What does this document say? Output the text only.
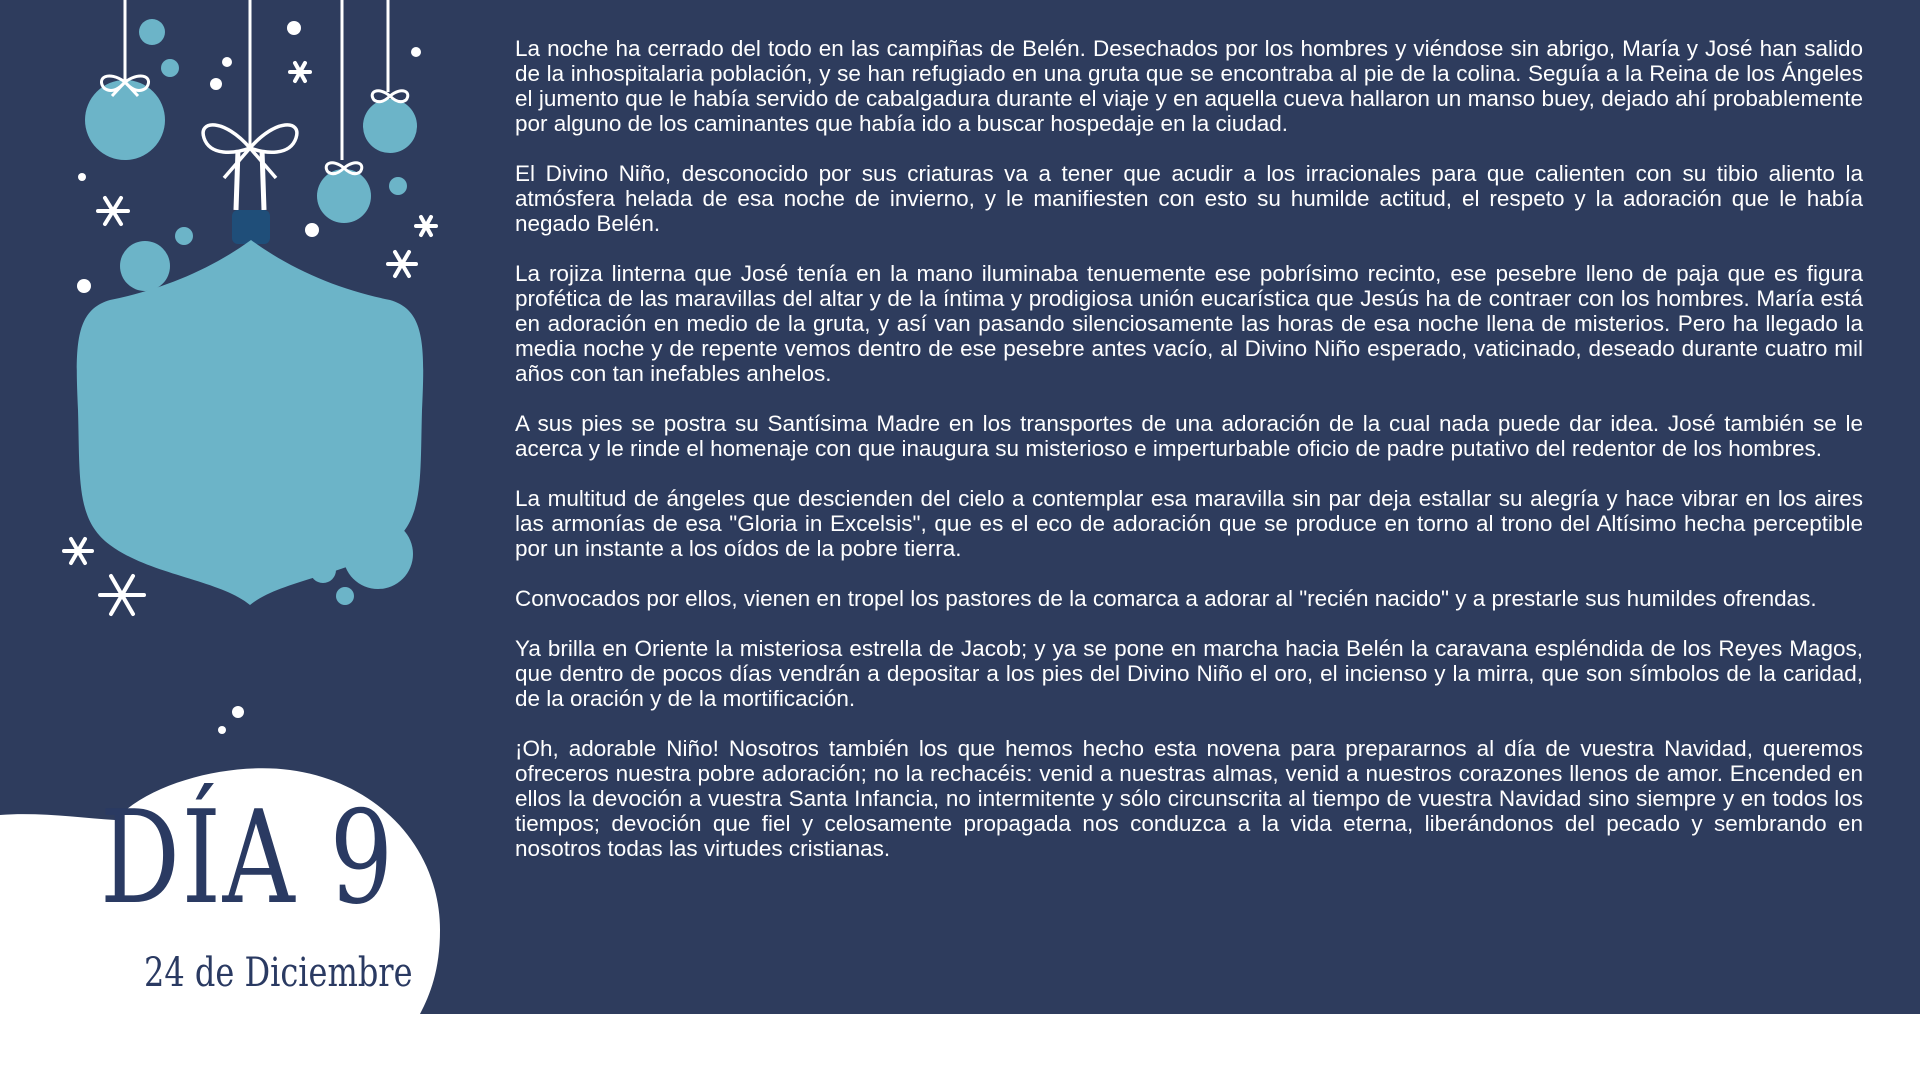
DÍA 9
24 de Diciembre

La noche ha cerrado del todo en las campiñas de Belén. Desechados por los hombres y viéndose sin abrigo, María y José han salido de la inhospitalaria población, y se han refugiado en una gruta que se encontraba al pie de la colina. Seguía a la Reina de los Ángeles el jumento que le había servido de cabalgadura durante el viaje y en aquella cueva hallaron un manso buey, dejado ahí probablemente por alguno de los caminantes que había ido a buscar hospedaje en la ciudad.

El Divino Niño, desconocido por sus criaturas va a tener que acudir a los irracionales para que calienten con su tibio aliento la atmósfera helada de esa noche de invierno, y le manifiesten con esto su humilde actitud, el respeto y la adoración que le había negado Belén.

La rojiza linterna que José tenía en la mano iluminaba tenuemente ese pobrísimo recinto, ese pesebre lleno de paja que es figura profética de las maravillas del altar y de la íntima y prodigiosa unión eucarística que Jesús ha de contraer con los hombres. María está en adoración en medio de la gruta, y así van pasando silenciosamente las horas de esa noche llena de misterios. Pero ha llegado la media noche y de repente vemos dentro de ese pesebre antes vacío, al Divino Niño esperado, vaticinado, deseado durante cuatro mil años con tan inefables anhelos.

A sus pies se postra su Santísima Madre en los transportes de una adoración de la cual nada puede dar idea. José también se le acerca y le rinde el homenaje con que inaugura su misterioso e imperturbable oficio de padre putativo del redentor de los hombres.

La multitud de ángeles que descienden del cielo a contemplar esa maravilla sin par deja estallar su alegría y hace vibrar en los aires las armonías de esa "Gloria in Excelsis", que es el eco de adoración que se produce en torno al trono del Altísimo hecha perceptible por un instante a los oídos de la pobre tierra.

Convocados por ellos, vienen en tropel los pastores de la comarca a adorar al "recién nacido" y a prestarle sus humildes ofrendas.

Ya brilla en Oriente la misteriosa estrella de Jacob; y ya se pone en marcha hacia Belén la caravana espléndida de los Reyes Magos, que dentro de pocos días vendrán a depositar a los pies del Divino Niño el oro, el incienso y la mirra, que son símbolos de la caridad, de la oración y de la mortificación.

¡Oh, adorable Niño! Nosotros también los que hemos hecho esta novena para prepararnos al día de vuestra Navidad, queremos ofreceros nuestra pobre adoración; no la rechacéis: venid a nuestras almas, venid a nuestros corazones llenos de amor. Encended en ellos la devoción a vuestra Santa Infancia, no intermitente y sólo circunscrita al tiempo de vuestra Navidad sino siempre y en todos los tiempos; devoción que fiel y celosamente propagada nos conduzca a la vida eterna, liberándonos del pecado y sembrando en nosotros todas las virtudes cristianas.
